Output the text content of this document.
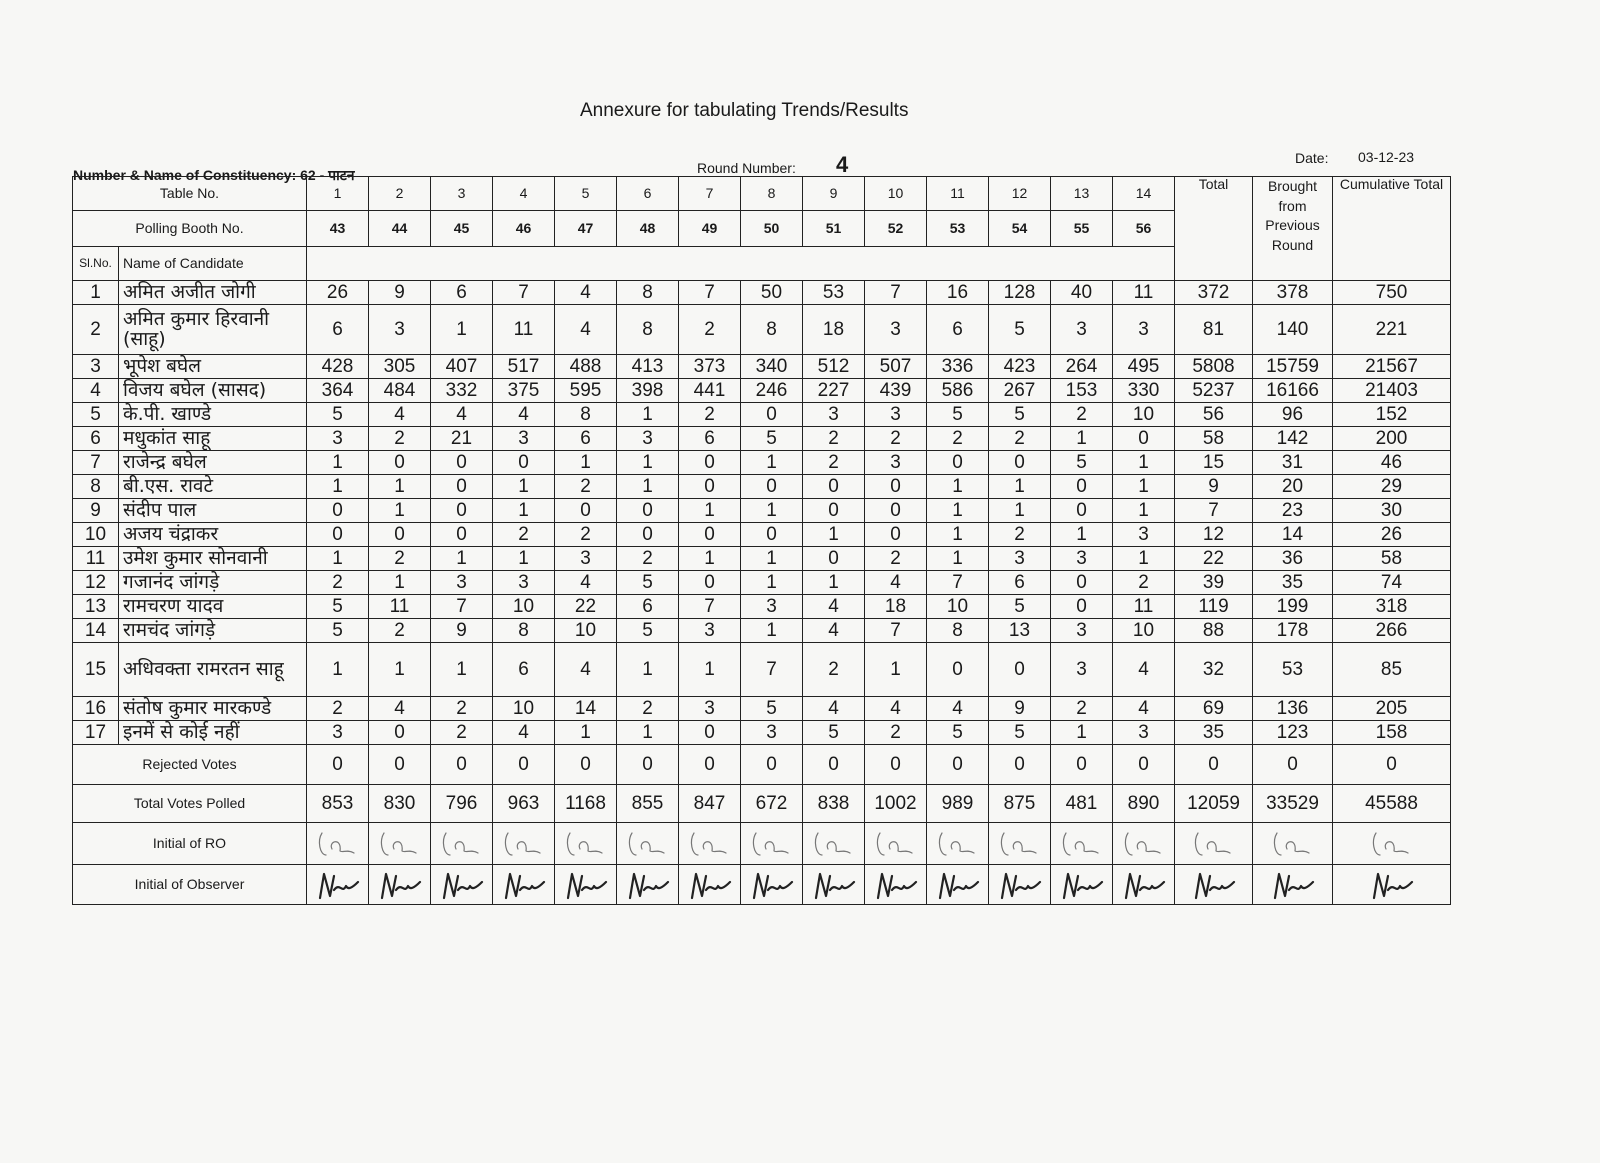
Annexure for tabulating Trends/Results
Number & Name of Constituency: 62 - पाटन	Round Number: 4	Date: 03-12-23
Table No.		1	2	3	4	5	6	7	8	9	10	11	12	13	14	Total	Brought from Previous Round	Cumulative Total
Polling Booth No.		43	44	45	46	47	48	49	50	51	52	53	54	55	56			
Sl.No.	Name of Candidate																	
1	अमित अजीत जोगी	26	9	6	7	4	8	7	50	53	7	16	128	40	11	372	378	750
2	अमित कुमार हिरवानी (साहू)	6	3	1	11	4	8	2	8	18	3	6	5	3	3	81	140	221
3	भूपेश बघेल	428	305	407	517	488	413	373	340	512	507	336	423	264	495	5808	15759	21567
4	विजय बघेल (सासद)	364	484	332	375	595	398	441	246	227	439	586	267	153	330	5237	16166	21403
5	के.पी. खाण्डे	5	4	4	4	8	1	2	0	3	3	5	5	2	10	56	96	152
6	मधुकांत साहू	3	2	21	3	6	3	6	5	2	2	2	2	1	0	58	142	200
7	राजेन्द्र बघेल	1	0	0	0	1	1	0	1	2	3	0	0	5	1	15	31	46
8	बी.एस. रावटे	1	1	0	1	2	1	0	0	0	0	1	1	0	1	9	20	29
9	संदीप पाल	0	1	0	1	0	0	1	1	0	0	1	1	0	1	7	23	30
10	अजय चंद्राकर	0	0	0	2	2	0	0	0	1	0	1	2	1	3	12	14	26
11	उमेश कुमार सोनवानी	1	2	1	1	3	2	1	1	0	2	1	3	3	1	22	36	58
12	गजानंद जांगड़े	2	1	3	3	4	5	0	1	1	4	7	6	0	2	39	35	74
13	रामचरण यादव	5	11	7	10	22	6	7	3	4	18	10	5	0	11	119	199	318
14	रामचंद जांगड़े	5	2	9	8	10	5	3	1	4	7	8	13	3	10	88	178	266
15	अधिवक्ता रामरतन साहू	1	1	1	6	4	1	1	7	2	1	0	0	3	4	32	53	85
16	संतोष कुमार मारकण्डे	2	4	2	10	14	2	3	5	4	4	4	9	2	4	69	136	205
17	इनमें से कोई नहीं	3	0	2	4	1	1	0	3	5	2	5	5	1	3	35	123	158
Rejected Votes		0	0	0	0	0	0	0	0	0	0	0	0	0	0	0	0	0
Total Votes Polled		853	830	796	963	1168	855	847	672	838	1002	989	875	481	890	12059	33529	45588
Initial of RO	

Initial of Observer	
